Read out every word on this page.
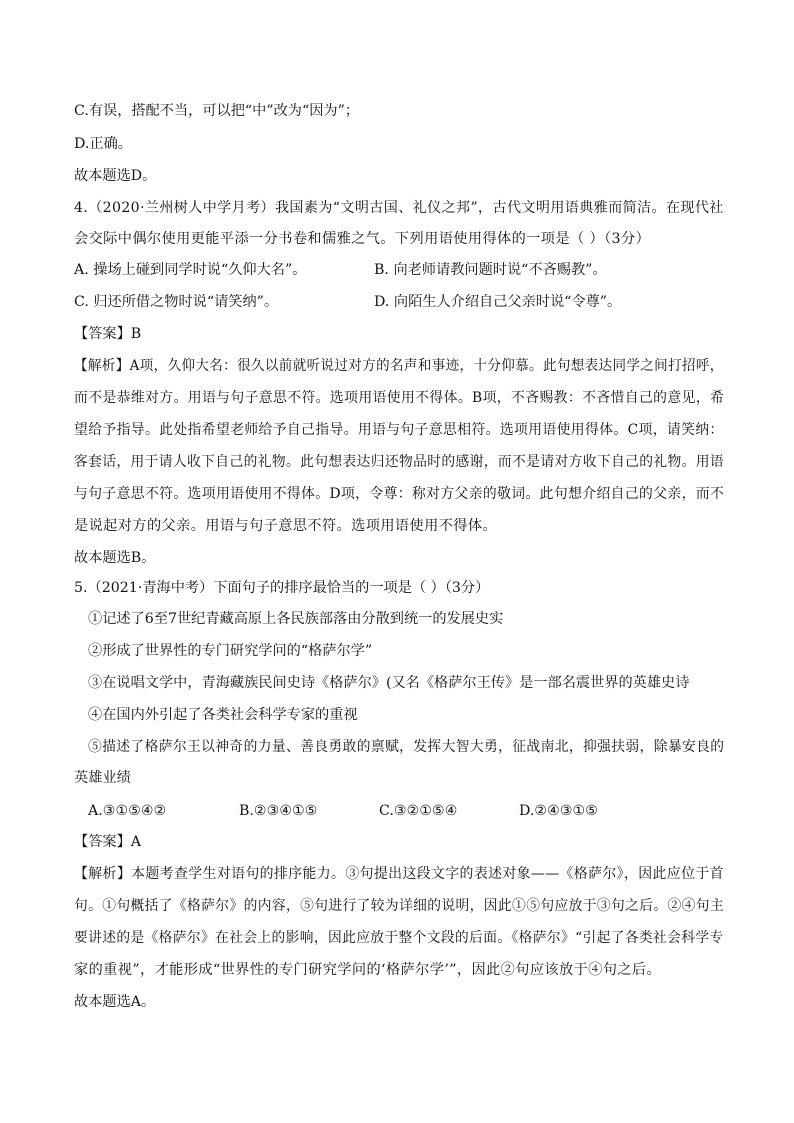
C.有误，搭配不当，可以把“中”改为“因为”；
D.正确。
故本题选D。
4.（2020·兰州树人中学月考）我国素为“文明古国、礼仪之邦”，古代文明用语典雅而简洁。在现代社
会交际中偶尔使用更能平添一分书卷和儒雅之气。下列用语使用得体的一项是（ ）（3分）
A. 操场上碰到同学时说“久仰大名”。	B. 向老师请教问题时说“不吝赐教”。
C. 归还所借之物时说“请笑纳”。	D. 向陌生人介绍自己父亲时说“令尊”。
【答案】B
【解析】A项，久仰大名：很久以前就听说过对方的名声和事迹，十分仰慕。此句想表达同学之间打招呼，
而不是恭维对方。用语与句子意思不符。选项用语使用不得体。B项，不吝赐教：不吝惜自己的意见，希
望给予指导。此处指希望老师给予自己指导。用语与句子意思相符。选项用语使用得体。C项，请笑纳：
客套话，用于请人收下自己的礼物。此句想表达归还物品时的感谢，而不是请对方收下自己的礼物。用语
与句子意思不符。选项用语使用不得体。D项，令尊：称对方父亲的敬词。此句想介绍自己的父亲，而不
是说起对方的父亲。用语与句子意思不符。选项用语使用不得体。
故本题选B。
5.（2021·青海中考）下面句子的排序最恰当的一项是（ ）（3分）
①记述了6至7世纪青藏高原上各民族部落由分散到统一的发展史实
②形成了世界性的专门研究学问的“格萨尔学”
③在说唱文学中，青海藏族民间史诗《格萨尔》(又名《格萨尔王传》是一部名震世界的英雄史诗
④在国内外引起了各类社会科学专家的重视
⑤描述了格萨尔王以神奇的力量、善良勇敢的禀赋，发挥大智大勇，征战南北，抑强扶弱，除暴安良的
英雄业绩
A.③①⑤④②	B.②③④①⑤	C.③②①⑤④	D.②④③①⑤
【答案】A
【解析】本题考查学生对语句的排序能力。③句提出这段文字的表述对象——《格萨尔》，因此应位于首
句。①句概括了《格萨尔》的内容，⑤句进行了较为详细的说明，因此①⑤句应放于③句之后。②④句主
要讲述的是《格萨尔》在社会上的影响，因此应放于整个文段的后面。《格萨尔》“引起了各类社会科学专
家的重视”，才能形成“世界性的专门研究学问的‘格萨尔学’”，因此②句应该放于④句之后。
故本题选A。
